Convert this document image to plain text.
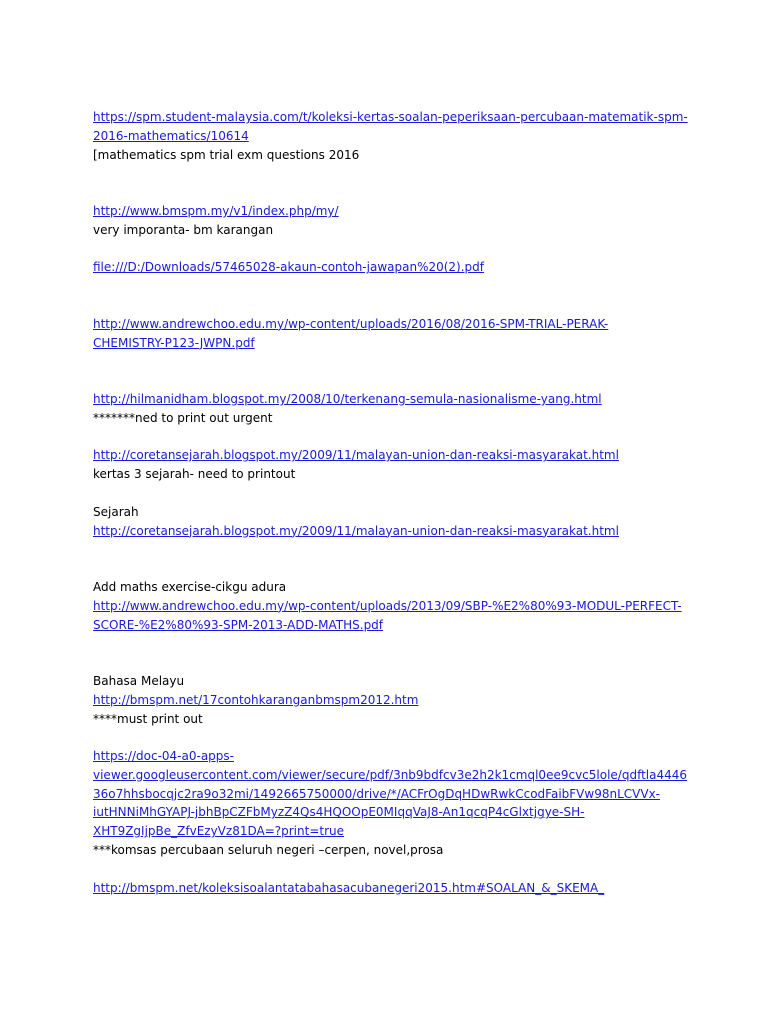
https://spm.student-malaysia.com/t/koleksi-kertas-soalan-peperiksaan-percubaan-matematik-spm-
2016-mathematics/10614
[mathematics spm trial exm questions 2016
http://www.bmspm.my/v1/index.php/my/
very imporanta- bm karangan
file:///D:/Downloads/57465028-akaun-contoh-jawapan%20(2).pdf
http://www.andrewchoo.edu.my/wp-content/uploads/2016/08/2016-SPM-TRIAL-PERAK-
CHEMISTRY-P123-JWPN.pdf
http://hilmanidham.blogspot.my/2008/10/terkenang-semula-nasionalisme-yang.html
*******ned to print out urgent
http://coretansejarah.blogspot.my/2009/11/malayan-union-dan-reaksi-masyarakat.html
kertas 3 sejarah- need to printout
Sejarah
http://coretansejarah.blogspot.my/2009/11/malayan-union-dan-reaksi-masyarakat.html
Add maths exercise-cikgu adura
http://www.andrewchoo.edu.my/wp-content/uploads/2013/09/SBP-%E2%80%93-MODUL-PERFECT-
SCORE-%E2%80%93-SPM-2013-ADD-MATHS.pdf
Bahasa Melayu
http://bmspm.net/17contohkaranganbmspm2012.htm
****must print out
https://doc-04-a0-apps-
viewer.googleusercontent.com/viewer/secure/pdf/3nb9bdfcv3e2h2k1cmql0ee9cvc5lole/qdftla4446
36o7hhsbocqjc2ra9o32mi/1492665750000/drive/*/ACFrOgDqHDwRwkCcodFaibFVw98nLCVVx-
iutHNNiMhGYAPJ-jbhBpCZFbMyzZ4Qs4HQOOpE0MIqqVaJ8-An1qcqP4cGlxtjgye-SH-
XHT9ZgIjpBe_ZfvEzyVz81DA=?print=true
***komsas percubaan seluruh negeri –cerpen, novel,prosa
http://bmspm.net/koleksisoalantatabahasacubanegeri2015.htm#SOALAN_&_SKEMA_
